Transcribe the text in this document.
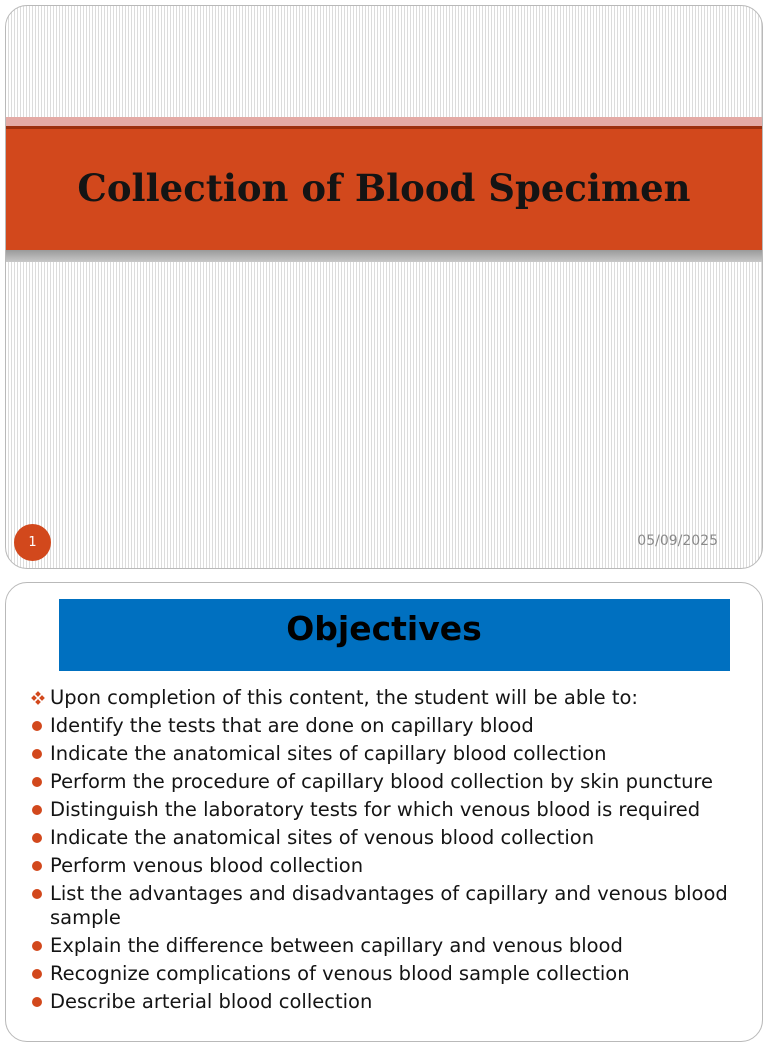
Collection of Blood Specimen
1	05/09/2025
Objectives
Upon completion of this content, the student will be able to:
Identify the tests that are done on capillary blood
Indicate the anatomical sites of capillary blood collection
Perform the procedure of capillary blood collection by skin puncture
Distinguish the laboratory tests for which venous blood is required
Indicate the anatomical sites of venous blood collection
Perform venous blood collection
List the advantages and disadvantages of capillary and venous blood sample
Explain the difference between capillary and venous blood
Recognize complications of venous blood sample collection
Describe arterial blood collection
